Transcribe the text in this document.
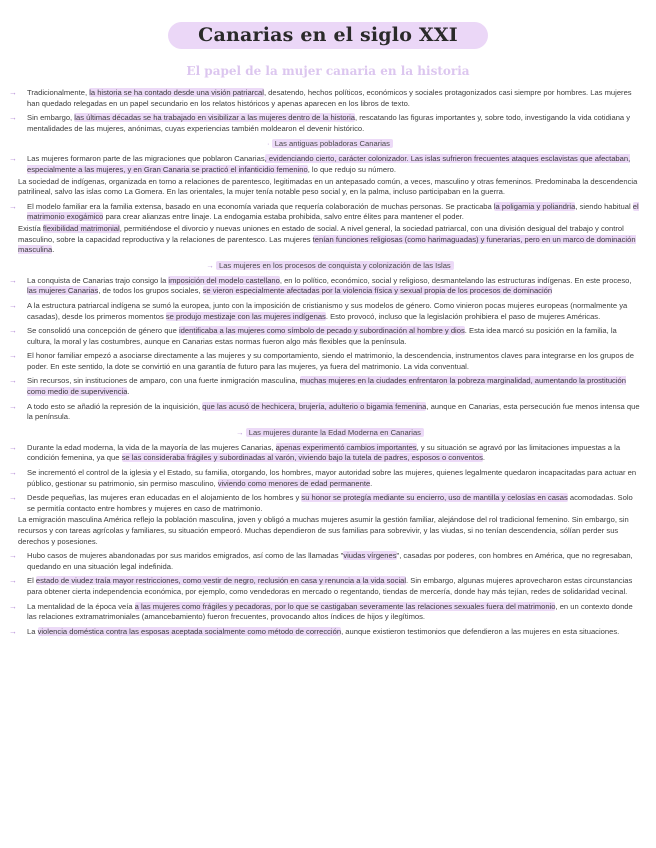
Canarias en el siglo XXI
El papel de la mujer canaria en la historia

→ Tradicionalmente, la historia se ha contado desde una visión patriarcal, desatendo, hechos políticos, económicos y sociales protagonizados casi siempre por hombres. Las mujeres han quedado relegadas en un papel secundario en los relatos históricos y apenas aparecen en los libros de texto.

→ Sin embargo, las últimas décadas se ha trabajado en visibilizar a las mujeres dentro de la historia, rescatando las figuras importantes y, sobre todo, investigando la vida cotidiana y mentalidades de las mujeres, anónimas, cuyas experiencias también moldearon el devenir histórico.

· Las antiguas pobladoras Canarias

→ Las mujeres formaron parte de las migraciones que poblaron Canarias, evidenciando cierto, carácter colonizador. Las islas sufrieron frecuentes ataques esclavistas que afectaban, especialmente a las mujeres, y en Gran Canaria se practicó el infanticidio femenino, lo que redujo su número.

La sociedad de indígenas, organizada en torno a relaciones de parentesco, legitimadas en un antepasado común, a veces, masculino y otras femeninos. Predominaba la descendencia patrilineal, salvo las islas como La Gomera. En las orientales, la mujer tenía notable peso social y, en la palma, incluso participaban en la guerra.

→ El modelo familiar era la familia extensa, basado en una economía variada que requería colaboración de muchas personas. Se practicaba la poligamia y poliandria, siendo habitual el matrimonio exogámico para crear alianzas entre linaje. La endogamia estaba prohibida, salvo entre élites para mantener el poder.

Existía flexibilidad matrimonial, permitiéndose el divorcio y nuevas uniones en estado de social. A nivel general, la sociedad patriarcal, con una división desigual del trabajo y control masculino, sobre la capacidad reproductiva y la relaciones de parentesco. Las mujeres tenían funciones religiosas (como harimaguadas) y funerarias, pero en un marco de dominación masculina.

→ Las mujeres en los procesos de conquista y colonización de las Islas

→ La conquista de Canarias trajo consigo la imposición del modelo castellano, en lo político, económico, social y religioso, desmantelando las estructuras indígenas. En este proceso, las mujeres Canarias, de todos los grupos sociales, se vieron especialmente afectadas por la violencia física y sexual propia de los procesos de dominación

→ A la estructura patriarcal indígena se sumó la europea, junto con la imposición de cristianismo y sus modelos de género. Como vinieron pocas mujeres europeas (normalmente ya casadas), desde los primeros momentos se produjo mestizaje con las mujeres indígenas. Esto provocó, incluso que la legislación prohibiera el paso de mujeres Américas.

→ Se consolidó una concepción de género que identificaba a las mujeres como símbolo de pecado y subordinación al hombre y dios. Esta idea marcó su posición en la familia, la cultura, la moral y las costumbres, aunque en Canarias estas normas fueron algo más flexibles que la península.

→ El honor familiar empezó a asociarse directamente a las mujeres y su comportamiento, siendo el matrimonio, la descendencia, instrumentos claves para integrarse en los grupos de poder. En este sentido, la dote se convirtió en una garantía de futuro para las mujeres, ya fuera del matrimonio. La vida conventual.

→ Sin recursos, sin instituciones de amparo, con una fuerte inmigración masculina, muchas mujeres en la ciudades enfrentaron la pobreza marginalidad, aumentando la prostitución como medio de supervivencia.

→ A todo esto se añadió la represión de la inquisición, que las acusó de hechicera, brujería, adulterio o bigamia femenina, aunque en Canarias, esta persecución fue menos intensa que la península.

→ Las mujeres durante la Edad Moderna en Canarias

→ Durante la edad moderna, la vida de la mayoría de las mujeres Canarias, apenas experimentó cambios importantes, y su situación se agravó por las limitaciones impuestas a la condición femenina, ya que se las consideraba frágiles y subordinadas al varón, viviendo bajo la tutela de padres, esposos o conventos.

→ Se incrementó el control de la iglesia y el Estado, su familia, otorgando, los hombres, mayor autoridad sobre las mujeres, quienes legalmente quedaron incapacitadas para actuar en público, gestionar su patrimonio, sin permiso masculino, viviendo como menores de edad permanente.

→ Desde pequeñas, las mujeres eran educadas en el alojamiento de los hombres y su honor se protegía mediante su encierro, uso de mantilla y celosías en casas acomodadas. Solo se permitía contacto entre hombres y mujeres en caso de matrimonio.

La emigración masculina América reflejo la población masculina, joven y obligó a muchas mujeres asumir la gestión familiar, alejándose del rol tradicional femenino. Sin embargo, sin recursos y con tareas agrícolas y familiares, su situación empeoró. Muchas dependieron de sus familias para sobrevivir, y las viudas, si no tenían descendencia, sólían perder sus derechos y posesiones.

→ Hubo casos de mujeres abandonadas por sus maridos emigrados, así como de las llamadas "viudas vírgenes", casadas por poderes, con hombres en América, que no regresaban, quedando en una situación legal indefinida.

→ El estado de viudez traía mayor restricciones, como vestir de negro, reclusión en casa y renuncia a la vida social. Sin embargo, algunas mujeres aprovecharon estas circunstancias para obtener cierta independencia económica, por ejemplo, como vendedoras en mercado o regentando, tiendas de mercería, donde hay más tejían, redes de solidaridad vecinal.

→ La mentalidad de la época veía a las mujeres como frágiles y pecadoras, por lo que se castigaban severamente las relaciones sexuales fuera del matrimonio, en un contexto donde las relaciones extramatrimoniales (amancebamiento) fueron frecuentes, provocando altos índices de hijos y ilegítimos.

→ La violencia doméstica contra las esposas aceptada socialmente como método de corrección, aunque existieron testimonios que defendieron a las mujeres en esta situaciones.
